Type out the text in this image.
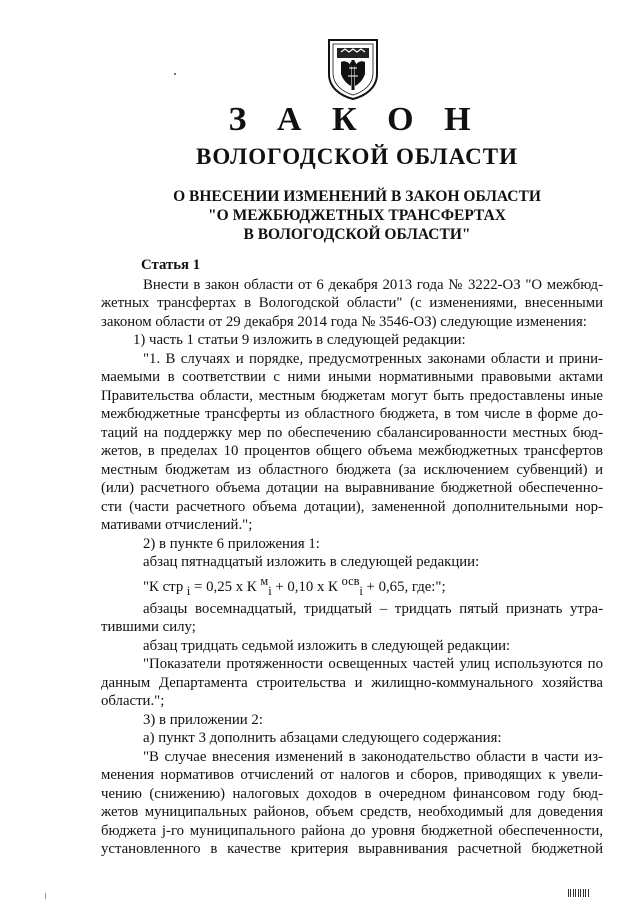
З А К О Н
ВОЛОГОДСКОЙ ОБЛАСТИ
О ВНЕСЕНИИ ИЗМЕНЕНИЙ В ЗАКОН ОБЛАСТИ
"О МЕЖБЮДЖЕТНЫХ ТРАНСФЕРТАХ
В ВОЛОГОДСКОЙ ОБЛАСТИ"
Статья 1
Внести в закон области от 6 декабря 2013 года № 3222-ОЗ "О межбюд-
жетных трансфертах в Вологодской области" (с изменениями, внесенными
законом области от 29 декабря 2014 года № 3546-ОЗ) следующие изменения:
1) часть 1 статьи 9 изложить в следующей редакции:
"1. В случаях и порядке, предусмотренных законами области и прини-
маемыми в соответствии с ними иными нормативными правовыми актами
Правительства области, местным бюджетам могут быть предоставлены иные
межбюджетные трансферты из областного бюджета, в том числе в форме до-
таций на поддержку мер по обеспечению сбалансированности местных бюд-
жетов, в пределах 10 процентов общего объема межбюджетных трансфертов
местным бюджетам из областного бюджета (за исключением субвенций) и
(или) расчетного объема дотации на выравнивание бюджетной обеспеченно-
сти (части расчетного объема дотации), замененной дополнительными нор-
мативами отчислений.";
2) в пункте 6 приложения 1:
абзац пятнадцатый изложить в следующей редакции:
"К стр $_i$ = 0,25 х К $^м_i$ + 0,10 х К $^{осв}_i$ + 0,65, где:";
абзацы восемнадцатый, тридцатый – тридцать пятый признать утра-
тившими силу;
абзац тридцать седьмой изложить в следующей редакции:
"Показатели протяженности освещенных частей улиц используются по
данным Департамента строительства и жилищно-коммунального хозяйства
области.";
3) в приложении 2:
а) пункт 3 дополнить абзацами следующего содержания:
"В случае внесения изменений в законодательство области в части из-
менения нормативов отчислений от налогов и сборов, приводящих к увели-
чению (снижению) налоговых доходов в очередном финансовом году бюд-
жетов муниципальных районов, объем средств, необходимый для доведения
бюджета j-го муниципального района до уровня бюджетной обеспеченности,
установленного в качестве критерия выравнивания расчетной бюджетной
